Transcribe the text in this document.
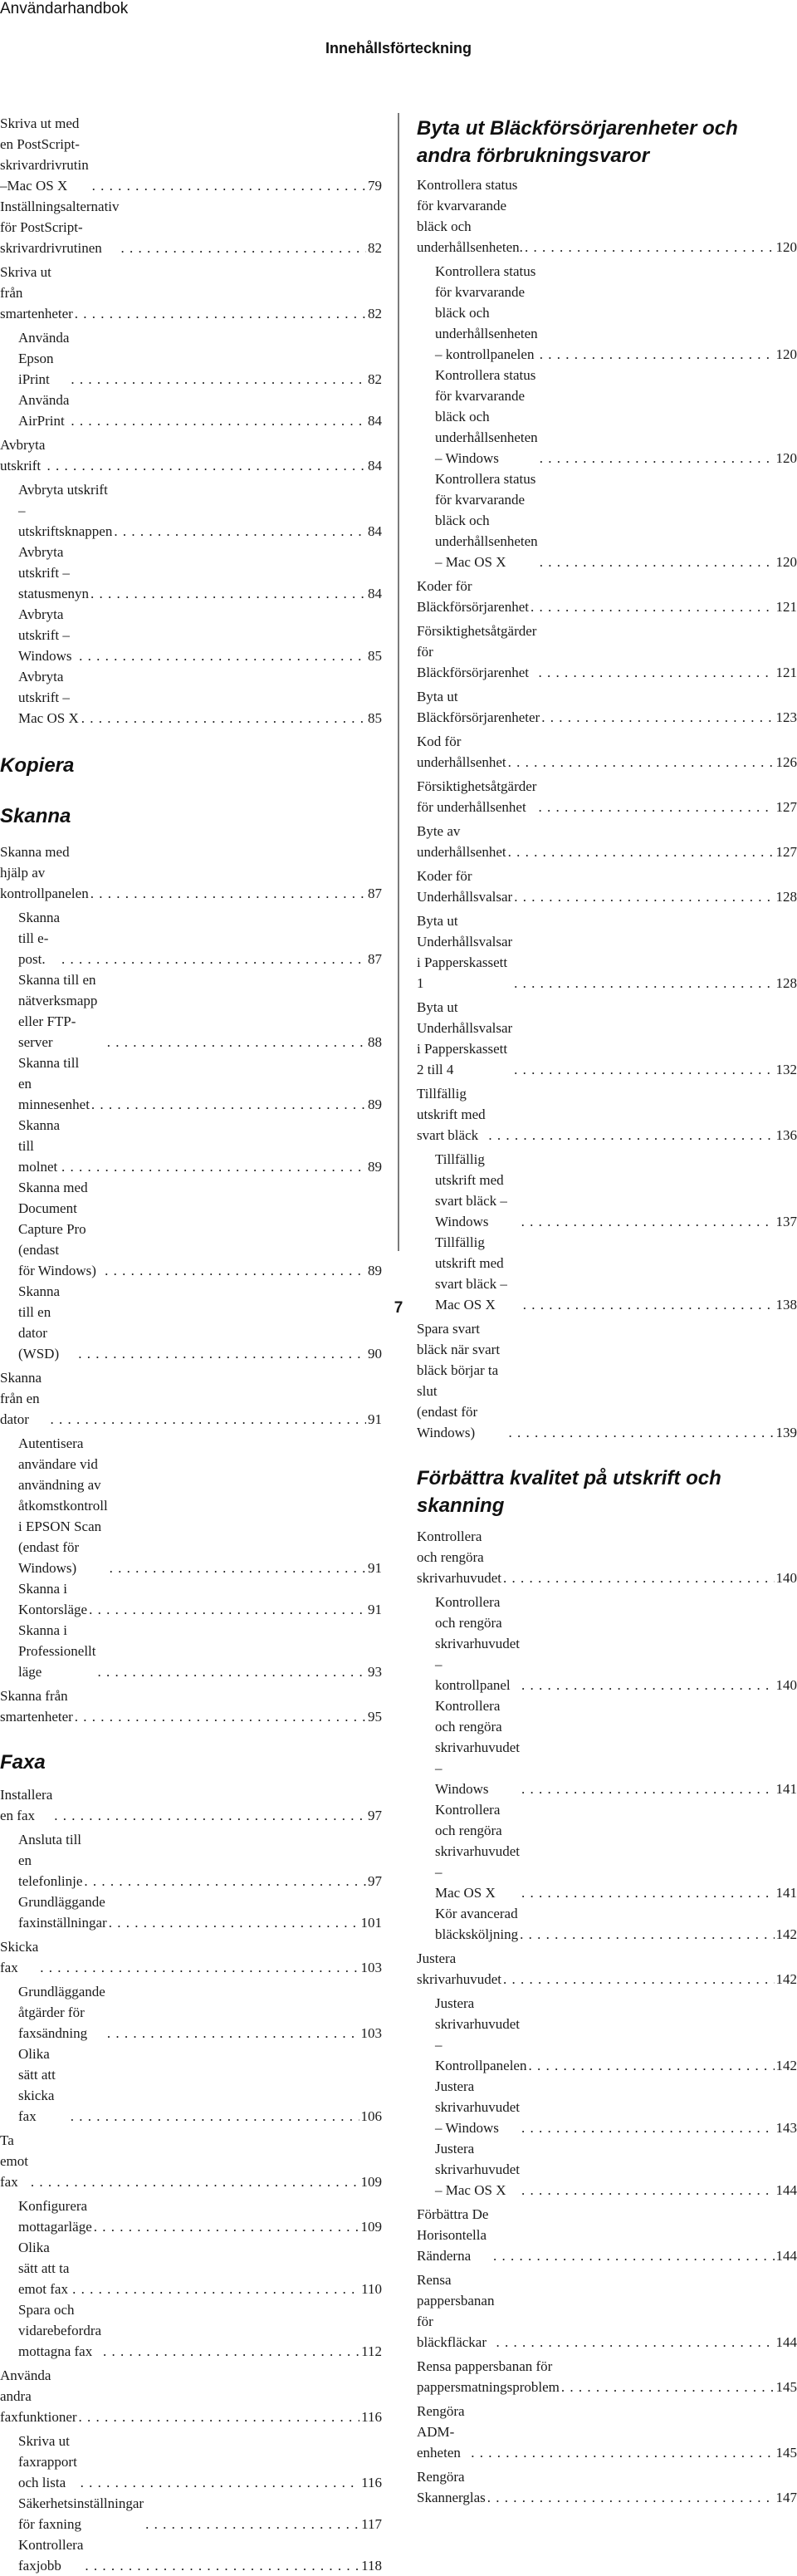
Användarhandbok
Innehållsförteckning
Skriva ut med en PostScript-skrivardrivrutin
–Mac OS X . . .	79
Inställningsalternativ för PostScript-
skrivardrivrutinen . . .	82
Skriva ut från smartenheter . . .	82
Använda Epson iPrint . . .	82
Använda AirPrint . . .	84
Avbryta utskrift . . .	84
Avbryta utskrift – utskriftsknappen . . .	84
Avbryta utskrift – statusmenyn . . .	84
Avbryta utskrift – Windows . . .	85
Avbryta utskrift – Mac OS X . . .	85
Kopiera
Skanna
Skanna med hjälp av kontrollpanelen . . .	87
Skanna till e-post. . . .	87
Skanna till en nätverksmapp eller FTP-server . . .	88
Skanna till en minnesenhet . . .	89
Skanna till molnet . . .	89
Skanna med Document Capture Pro (endast
för Windows) . . .	89
Skanna till en dator (WSD) . . .	90
Skanna från en dator . . .	91
Autentisera användare vid användning av
åtkomstkontroll i EPSON Scan (endast för
Windows) . . .	91
Skanna i Kontorsläge . . .	91
Skanna i Professionellt läge . . .	93
Skanna från smartenheter . . .	95
Faxa
Installera en fax . . .	97
Ansluta till en telefonlinje . . .	97
Grundläggande faxinställningar . . .	101
Skicka fax . . .	103
Grundläggande åtgärder för faxsändning . . .	103
Olika sätt att skicka fax . . .	106
Ta emot fax . . .	109
Konfigurera mottagarläge . . .	109
Olika sätt att ta emot fax . . .	110
Spara och vidarebefordra mottagna fax . . .	112
Använda andra faxfunktioner . . .	116
Skriva ut faxrapport och lista . . .	116
Säkerhetsinställningar för faxning . . .	117
Kontrollera faxjobb . . .	118
Byta ut Bläckförsörjarenheter och
andra förbrukningsvaror
Kontrollera status för kvarvarande bläck och
underhållsenheten. . . .	120
Kontrollera status för kvarvarande bläck och
underhållsenheten – kontrollpanelen . . .	120
Kontrollera status för kvarvarande bläck och
underhållsenheten – Windows . . .	120
Kontrollera status för kvarvarande bläck och
underhållsenheten – Mac OS X . . .	120
Koder för Bläckförsörjarenhet . . .	121
Försiktighetsåtgärder för Bläckförsörjarenhet . . .	121
Byta ut Bläckförsörjarenheter . . .	123
Kod för underhållsenhet . . .	126
Försiktighetsåtgärder för underhållsenhet . . .	127
Byte av underhållsenhet . . .	127
Koder för Underhållsvalsar . . .	128
Byta ut Underhållsvalsar i Papperskassett 1 . . .	128
Byta ut Underhållsvalsar i Papperskassett 2 till 4 . . .	132
Tillfällig utskrift med svart bläck . . .	136
Tillfällig utskrift med svart bläck – Windows . . .	137
Tillfällig utskrift med svart bläck – Mac OS X . . .	138
Spara svart bläck när svart bläck börjar ta slut
(endast för Windows) . . .	139
Förbättra kvalitet på utskrift och
skanning
Kontrollera och rengöra skrivarhuvudet . . .	140
Kontrollera och rengöra skrivarhuvudet –
kontrollpanel . . .	140
Kontrollera och rengöra skrivarhuvudet –
Windows . . .	141
Kontrollera och rengöra skrivarhuvudet –
Mac OS X . . .	141
Kör avancerad bläcksköljning . . .	142
Justera skrivarhuvudet . . .	142
Justera skrivarhuvudet – Kontrollpanelen . . .	142
Justera skrivarhuvudet – Windows . . .	143
Justera skrivarhuvudet – Mac OS X . . .	144
Förbättra De Horisontella Ränderna . . .	144
Rensa pappersbanan för bläckfläckar . . .	144
Rensa pappersbanan för pappersmatningsproblem . . .	145
Rengöra ADM-enheten . . .	145
Rengöra Skannerglas . . .	147
7
